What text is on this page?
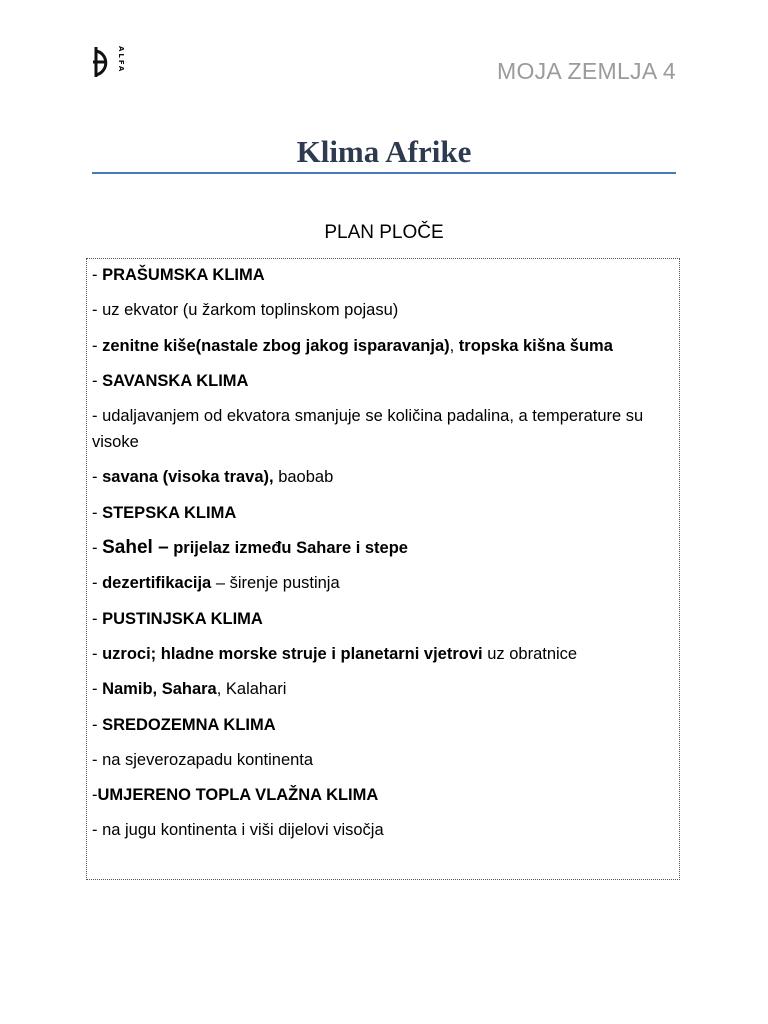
ALFA	MOJA ZEMLJA 4
Klima Afrike
PLAN PLOČE
- PRAŠUMSKA KLIMA
- uz ekvator (u žarkom toplinskom pojasu)
- zenitne kiše(nastale zbog jakog isparavanja), tropska kišna šuma
- SAVANSKA KLIMA
- udaljavanjem od ekvatora smanjuje se količina padalina, a temperature su visoke
- savana (visoka trava), baobab
- STEPSKA KLIMA
- Sahel – prijelaz između Sahare i stepe
- dezertifikacija – širenje pustinja
- PUSTINJSKA KLIMA
- uzroci; hladne morske struje i planetarni vjetrovi uz obratnice
- Namib, Sahara, Kalahari
- SREDOZEMNA KLIMA
- na sjeverozapadu kontinenta
-UMJERENO TOPLA VLAŽNA KLIMA
- na jugu kontinenta i viši dijelovi visočja
